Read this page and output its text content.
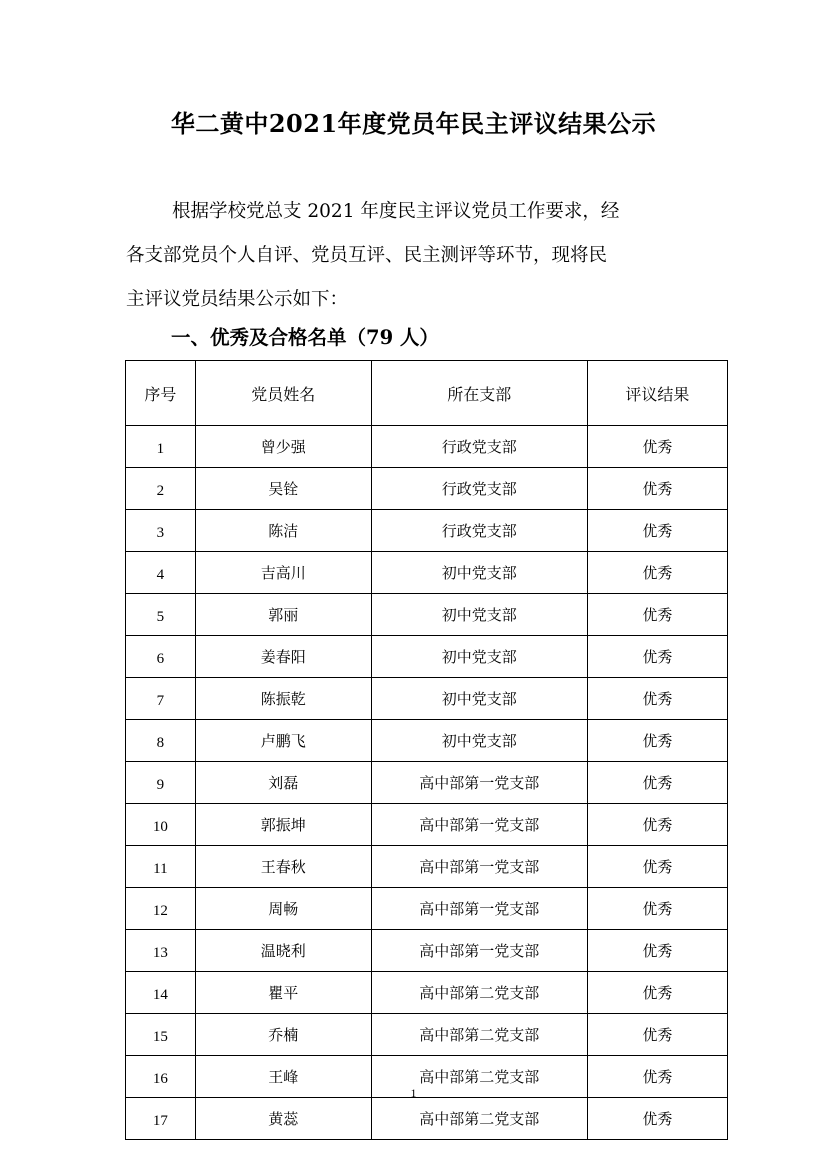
华二黄中2021年度党员年民主评议结果公示

根据学校党总支 2021 年度民主评议党员工作要求，经

各支部党员个人自评、党员互评、民主测评等环节，现将民

主评议党员结果公示如下：

一、优秀及合格名单（79 人）
序号	党员姓名	所在支部	评议结果
1	曾少强	行政党支部	优秀
2	吴铨	行政党支部	优秀
3	陈洁	行政党支部	优秀
4	吉高川	初中党支部	优秀
5	郭丽	初中党支部	优秀
6	姜春阳	初中党支部	优秀
7	陈振乾	初中党支部	优秀
8	卢鹏飞	初中党支部	优秀
9	刘磊	高中部第一党支部	优秀
10	郭振坤	高中部第一党支部	优秀
11	王春秋	高中部第一党支部	优秀
12	周畅	高中部第一党支部	优秀
13	温晓利	高中部第一党支部	优秀
14	瞿平	高中部第二党支部	优秀
15	乔楠	高中部第二党支部	优秀
16	王峰	高中部第二党支部	优秀
17	黄蕊	高中部第二党支部	优秀
1
